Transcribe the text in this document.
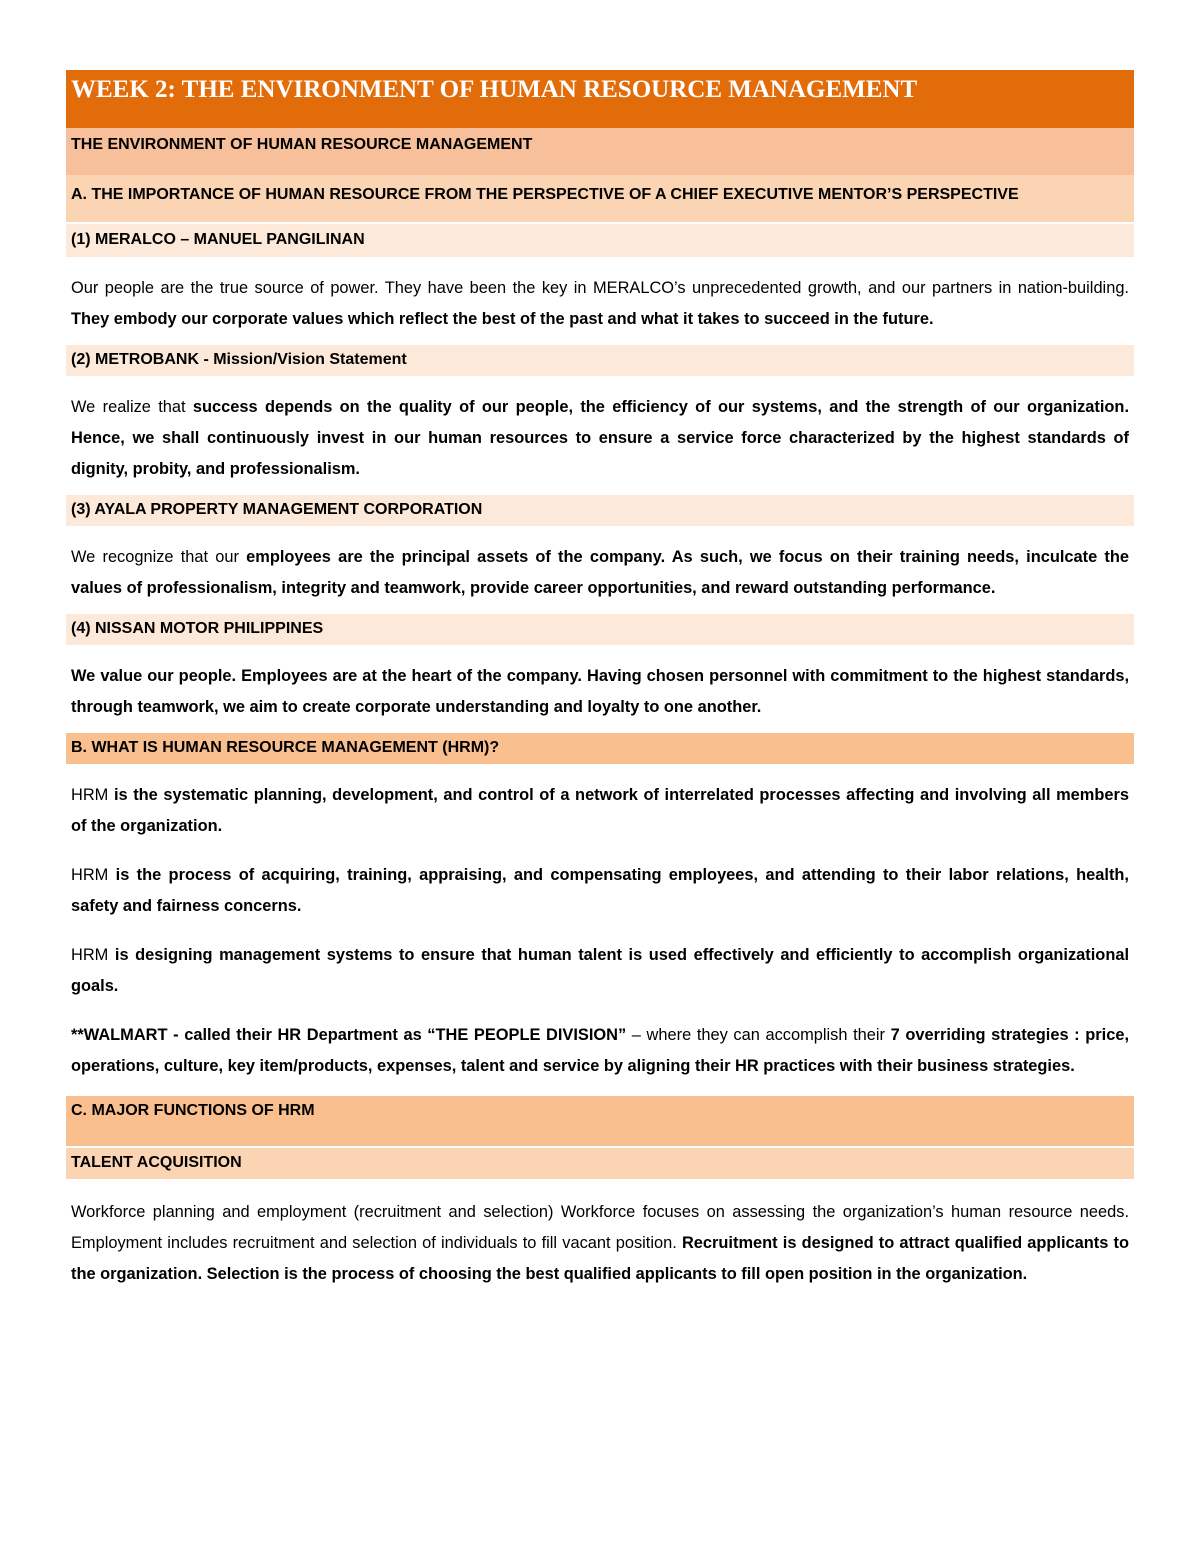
WEEK 2: THE ENVIRONMENT OF HUMAN RESOURCE MANAGEMENT
THE ENVIRONMENT OF HUMAN RESOURCE MANAGEMENT
A. THE IMPORTANCE OF HUMAN RESOURCE FROM THE PERSPECTIVE OF A CHIEF EXECUTIVE MENTOR’S PERSPECTIVE
(1) MERALCO – MANUEL PANGILINAN

Our people are the true source of power. They have been the key in MERALCO’s unprecedented growth, and our partners in nation-building. They embody our corporate values which reflect the best of the past and what it takes to succeed in the future.

(2) METROBANK - Mission/Vision Statement

We realize that success depends on the quality of our people, the efficiency of our systems, and the strength of our organization. Hence, we shall continuously invest in our human resources to ensure a service force characterized by the highest standards of dignity, probity, and professionalism.

(3) AYALA PROPERTY MANAGEMENT CORPORATION

We recognize that our employees are the principal assets of the company. As such, we focus on their training needs, inculcate the values of professionalism, integrity and teamwork, provide career opportunities, and reward outstanding performance.

(4) NISSAN MOTOR PHILIPPINES

We value our people. Employees are at the heart of the company. Having chosen personnel with commitment to the highest standards, through teamwork, we aim to create corporate understanding and loyalty to one another.

B. WHAT IS HUMAN RESOURCE MANAGEMENT (HRM)?

HRM is the systematic planning, development, and control of a network of interrelated processes affecting and involving all members of the organization.

HRM is the process of acquiring, training, appraising, and compensating employees, and attending to their labor relations, health, safety and fairness concerns.

HRM is designing management systems to ensure that human talent is used effectively and efficiently to accomplish organizational goals.

**WALMART - called their HR Department as “THE PEOPLE DIVISION” – where they can accomplish their 7 overriding strategies : price, operations, culture, key item/products, expenses, talent and service by aligning their HR practices with their business strategies.

C. MAJOR FUNCTIONS OF HRM
TALENT ACQUISITION

Workforce planning and employment (recruitment and selection) Workforce focuses on assessing the organization’s human resource needs. Employment includes recruitment and selection of individuals to fill vacant position. Recruitment is designed to attract qualified applicants to the organization. Selection is the process of choosing the best qualified applicants to fill open position in the organization.
